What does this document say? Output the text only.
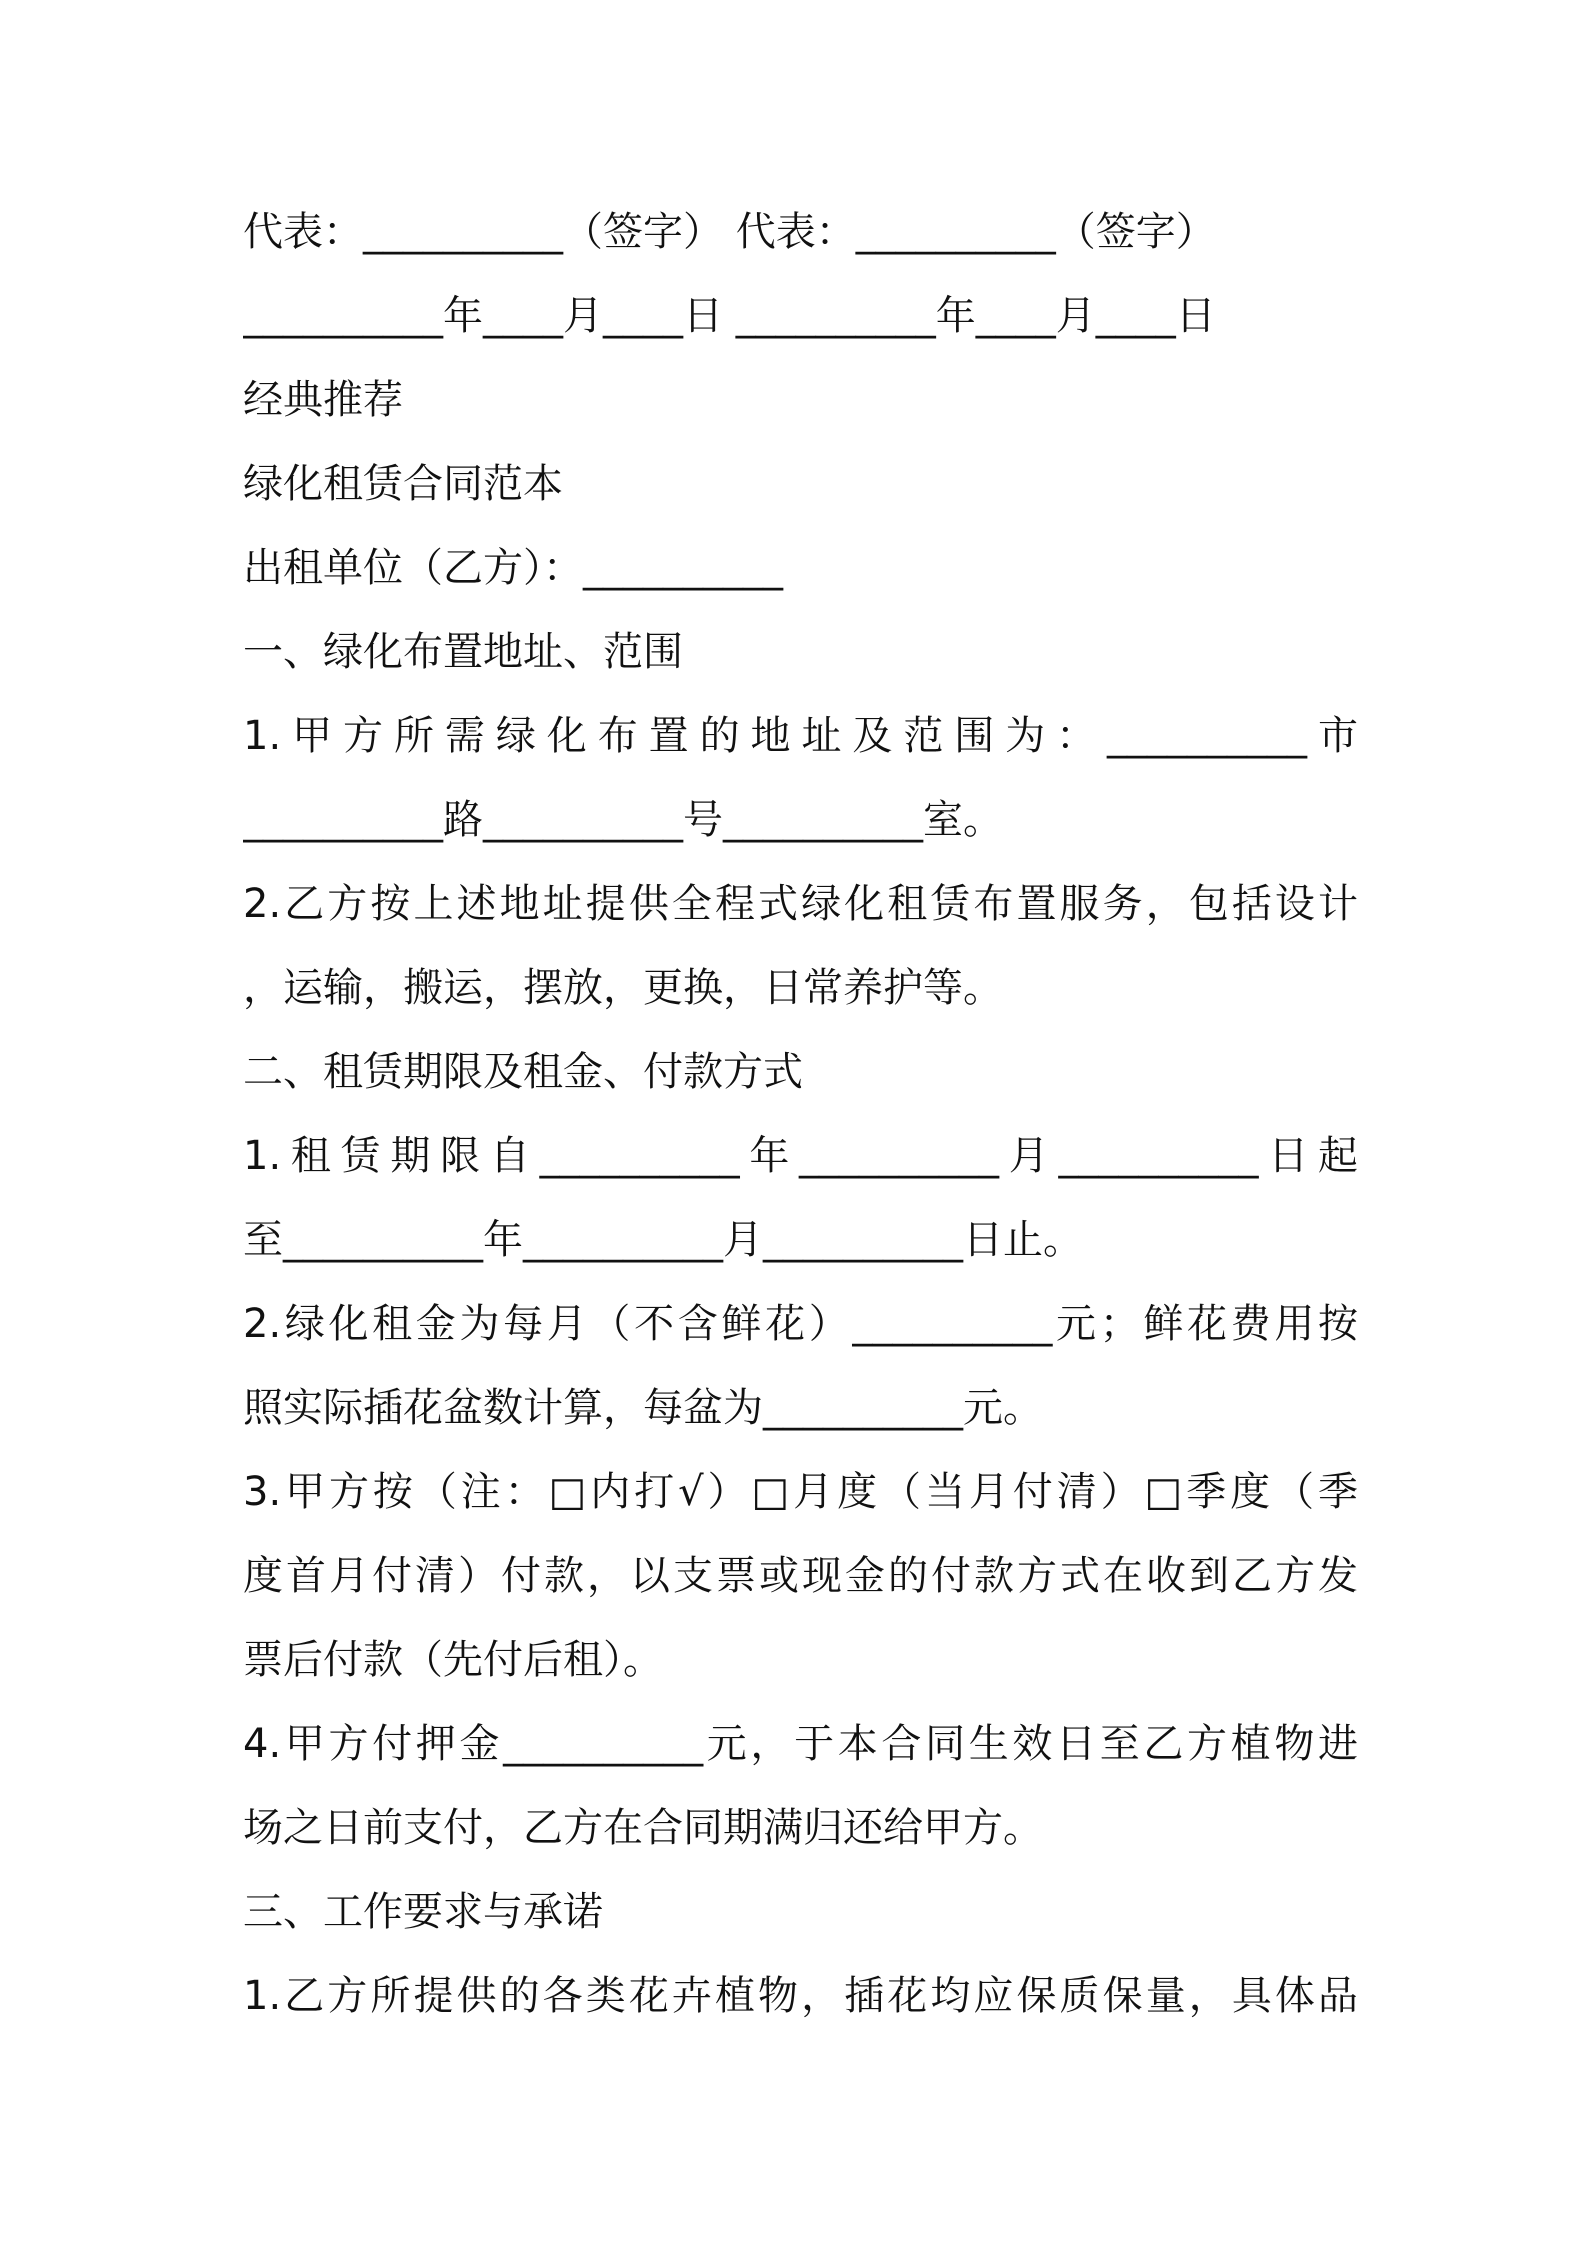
代表：__________（签字） 代表：__________（签字）
__________年____月____日 __________年____月____日
经典推荐
绿化租赁合同范本
出租单位（乙方）：__________
一、绿化布置地址、范围
1.甲方所需绿化布置的地址及范围为：__________市
__________路__________号__________室。
2.乙方按上述地址提供全程式绿化租赁布置服务，包括设计
，运输，搬运，摆放，更换，日常养护等。
二、租赁期限及租金、付款方式
1.租赁期限自__________年__________月__________日起
至__________年__________月__________日止。
2.绿化租金为每月（不含鲜花）__________元；鲜花费用按
照实际插花盆数计算，每盆为__________元。
3.甲方按（注：□内打√）□月度（当月付清）□季度（季
度首月付清）付款，以支票或现金的付款方式在收到乙方发
票后付款（先付后租）。
4.甲方付押金__________元，于本合同生效日至乙方植物进
场之日前支付，乙方在合同期满归还给甲方。
三、工作要求与承诺
1.乙方所提供的各类花卉植物，插花均应保质保量，具体品
